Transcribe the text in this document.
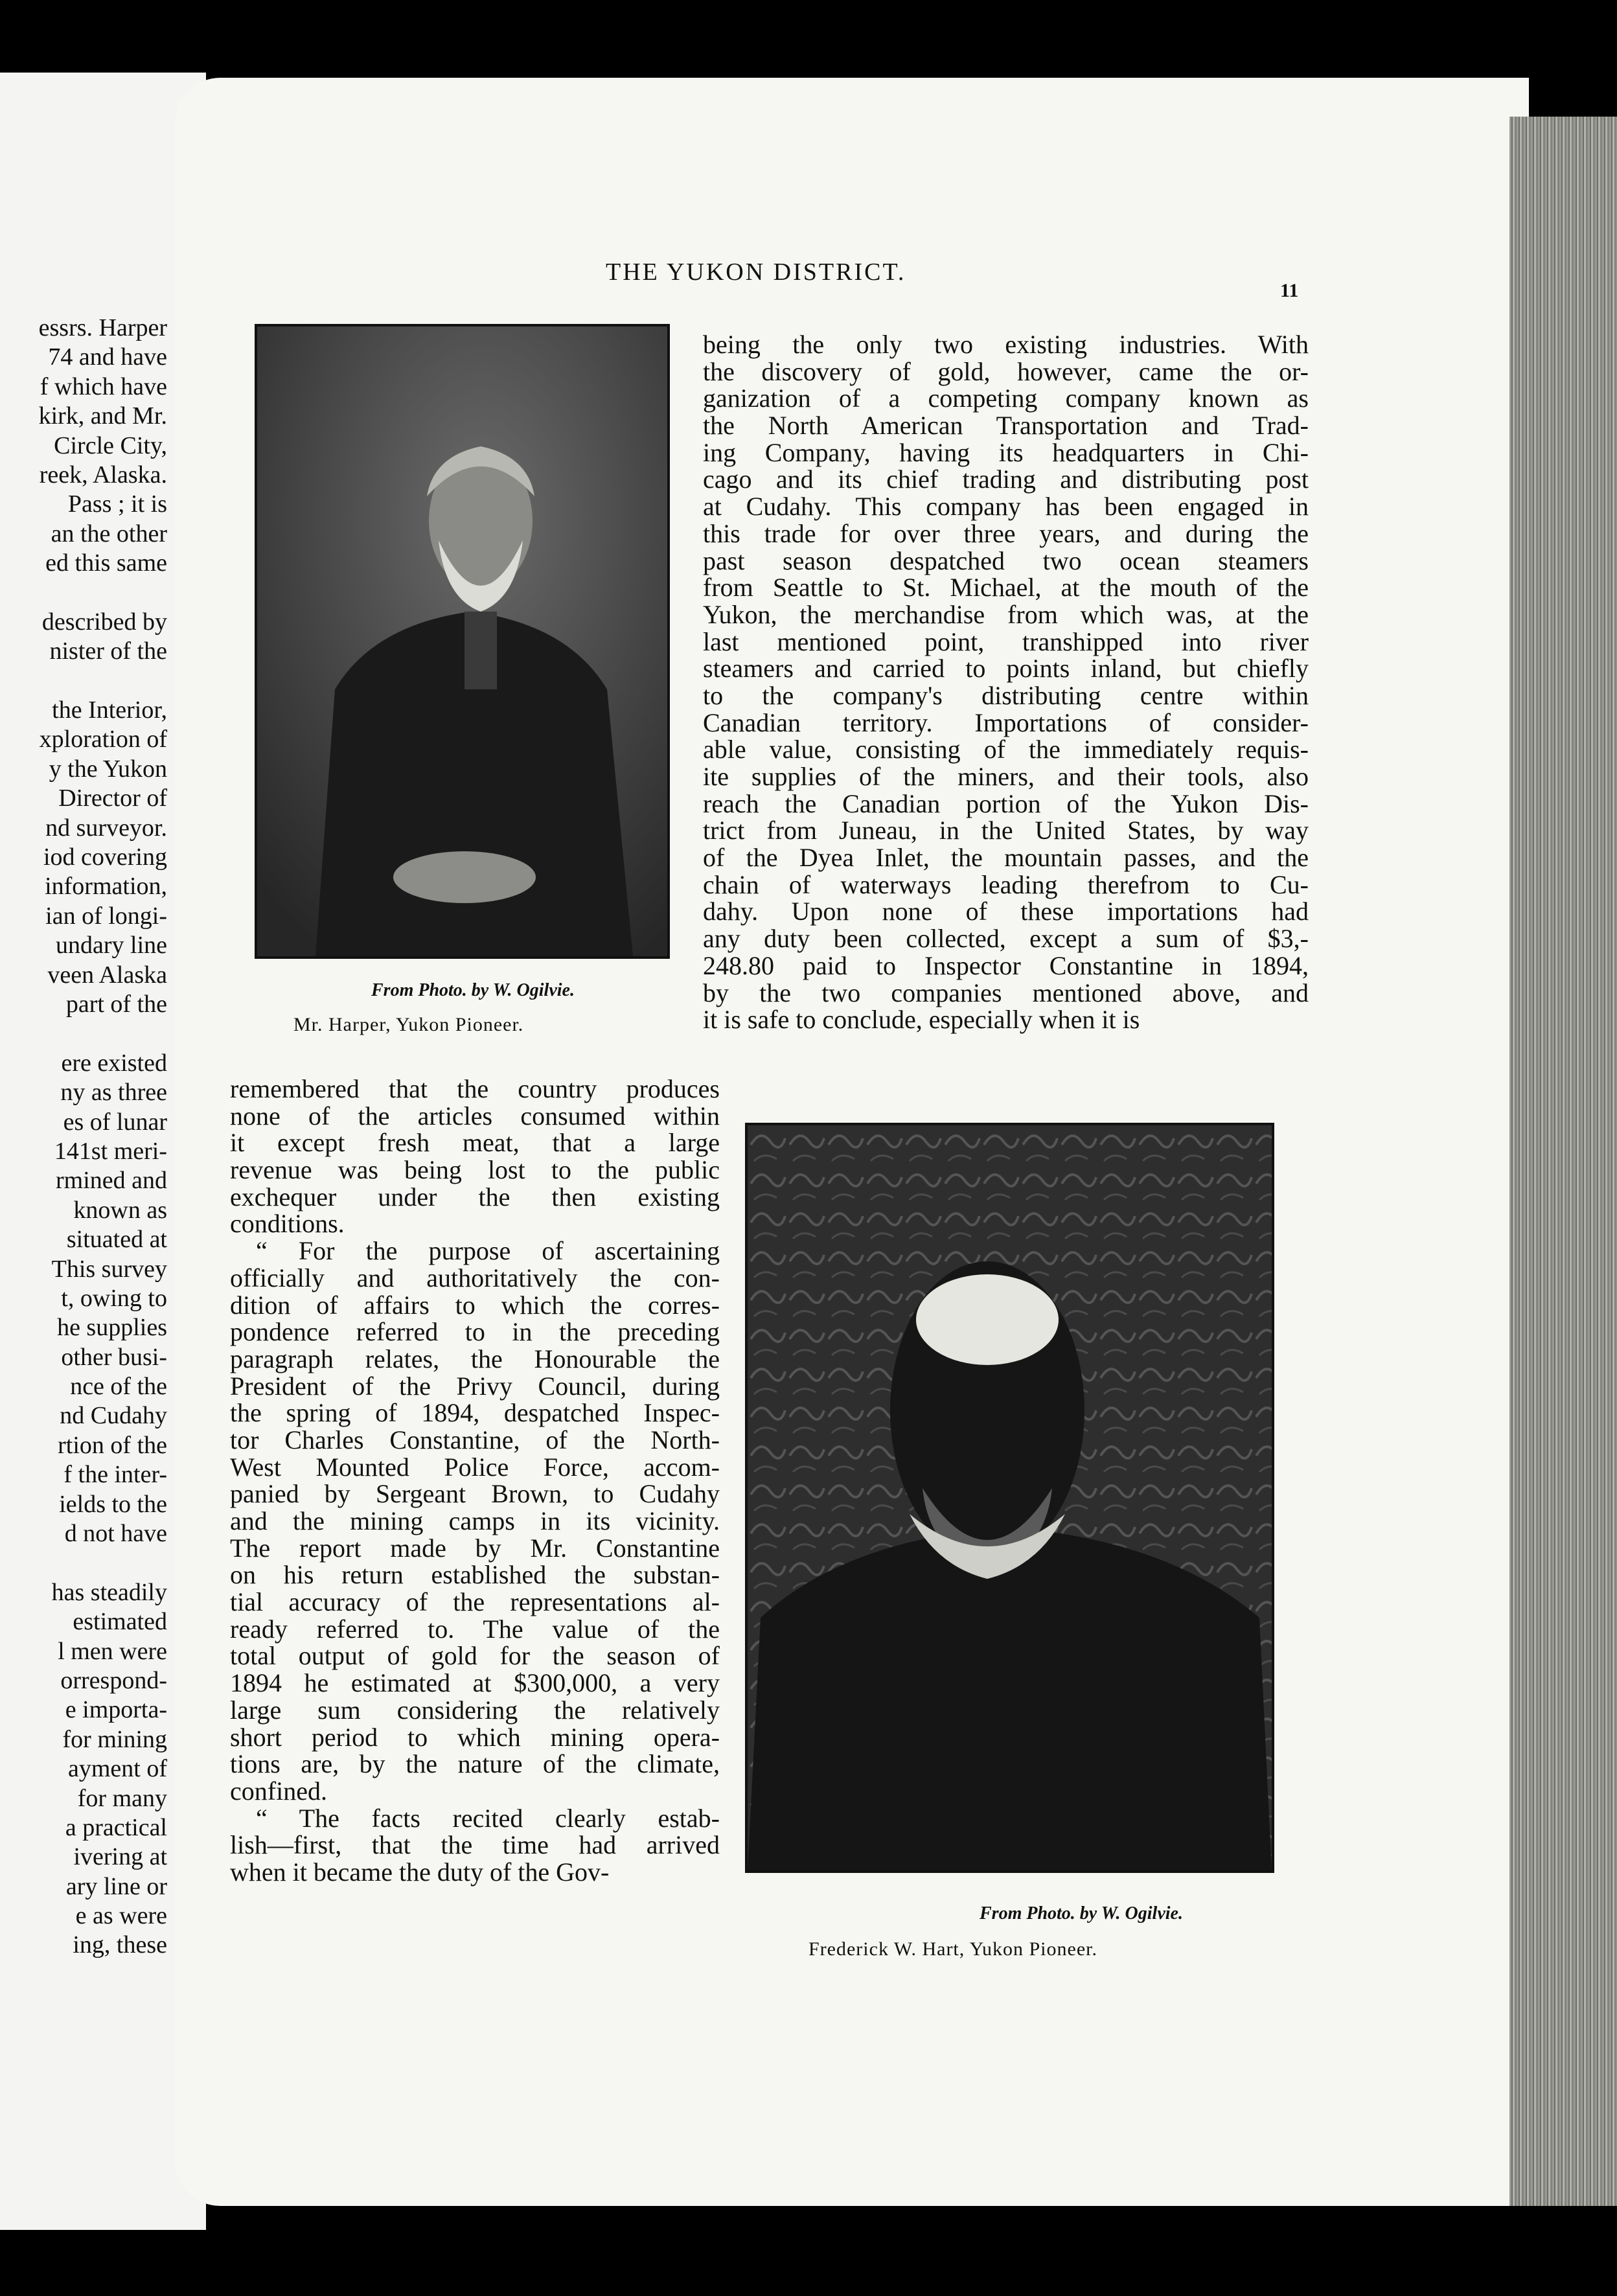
essrs. Harper
74 and have
f which have
kirk, and Mr.
Circle City,
reek, Alaska.
Pass ; it is
an the other
ed this same
described by
nister of the
the Interior,
xploration of
y the Yukon
Director of
nd surveyor.
iod covering
information,
ian of longi-
undary line
veen Alaska
part of the
ere existed
ny as three
es of lunar
141st meri-
rmined and
known as
situated at
This survey
t, owing to
he supplies
other busi-
nce of the
nd Cudahy
rtion of the
f the inter-
ields to the
d not have
has steadily
estimated
l men were
orrespond-
e importa-
for mining
ayment of
for many
a practical
ivering at
ary line or
e as were
ing, these
THE YUKON DISTRICT.
11
From Photo. by W. Ogilvie.
Mr. Harper, Yukon Pioneer.
From Photo. by W. Ogilvie.
Frederick W. Hart, Yukon Pioneer.
being the only two existing industries. With
the discovery of gold, however, came the or-
ganization of a competing company known as
the North American Transportation and Trad-
ing Company, having its headquarters in Chi-
cago and its chief trading and distributing post
at Cudahy. This company has been engaged in
this trade for over three years, and during the
past season despatched two ocean steamers
from Seattle to St. Michael, at the mouth of the
Yukon, the merchandise from which was, at the
last mentioned point, transhipped into river
steamers and carried to points inland, but chiefly
to the company's distributing centre within
Canadian territory. Importations of consider-
able value, consisting of the immediately requis-
ite supplies of the miners, and their tools, also
reach the Canadian portion of the Yukon Dis-
trict from Juneau, in the United States, by way
of the Dyea Inlet, the mountain passes, and the
chain of waterways leading therefrom to Cu-
dahy. Upon none of these importations had
any duty been collected, except a sum of $3,-
248.80 paid to Inspector Constantine in 1894,
by the two companies mentioned above, and
it is safe to conclude, especially when it is
remembered that the country produces
none of the articles consumed within
it except fresh meat, that a large
revenue was being lost to the public
exchequer under the then existing
conditions.
“ For the purpose of ascertaining
officially and authoritatively the con-
dition of affairs to which the corres-
pondence referred to in the preceding
paragraph relates, the Honourable the
President of the Privy Council, during
the spring of 1894, despatched Inspec-
tor Charles Constantine, of the North-
West Mounted Police Force, accom-
panied by Sergeant Brown, to Cudahy
and the mining camps in its vicinity.
The report made by Mr. Constantine
on his return established the substan-
tial accuracy of the representations al-
ready referred to. The value of the
total output of gold for the season of
1894 he estimated at $300,000, a very
large sum considering the relatively
short period to which mining opera-
tions are, by the nature of the climate,
confined.
“ The facts recited clearly estab-
lish—first, that the time had arrived
when it became the duty of the Gov-
